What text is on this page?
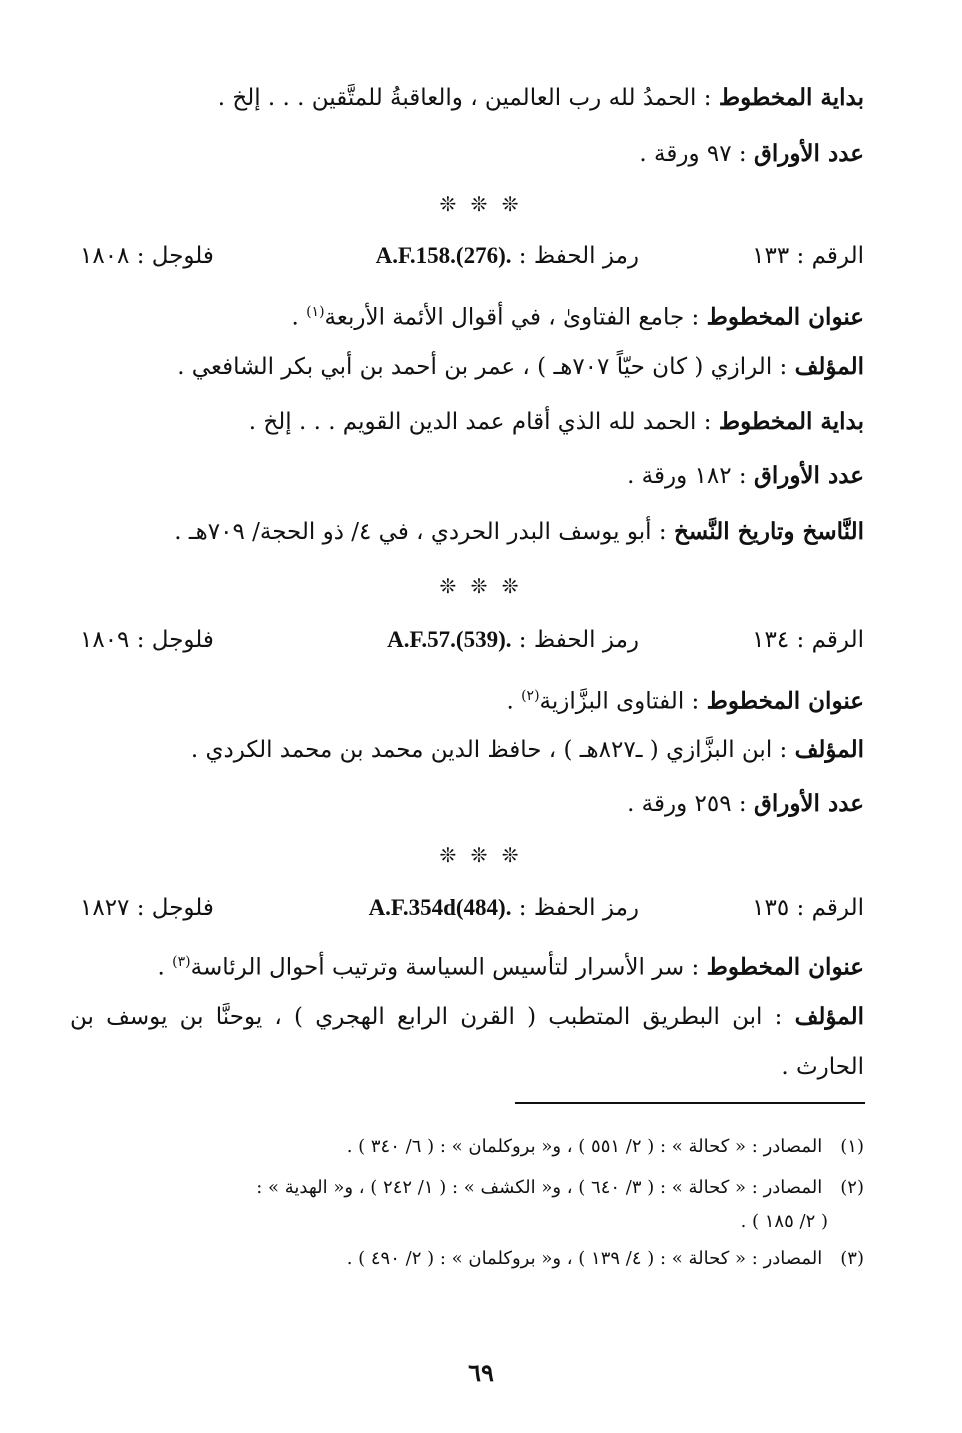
بداية المخطوط : الحمدُ لله رب العالمين ، والعاقبةُ للمتَّقين . . . إلخ .
عدد الأوراق : ٩٧ ورقة .
❊ ❊ ❊
الرقم : ١٣٣
رمز الحفظ : A.F.158.(276).
فلوجل : ١٨٠٨
عنوان المخطوط : جامع الفتاوىٰ ، في أقوال الأئمة الأربعة$^{(١)}$ .
المؤلف : الرازي ( كان حيّاً ٧٠٧هـ ) ، عمر بن أحمد بن أبي بكر الشافعي .
بداية المخطوط : الحمد لله الذي أقام عمد الدين القويم . . . إلخ .
عدد الأوراق : ١٨٢ ورقة .
النَّاسخ وتاريخ النَّسخ : أبو يوسف البدر الحردي ، في ٤/ ذو الحجة/ ٧٠٩هـ .
❊ ❊ ❊
الرقم : ١٣٤
رمز الحفظ : A.F.57.(539).
فلوجل : ١٨٠٩
عنوان المخطوط : الفتاوى البزَّازية$^{(٢)}$ .
المؤلف : ابن البزَّازي ( ـ٨٢٧هـ ) ، حافظ الدين محمد بن محمد الكردي .
عدد الأوراق : ٢٥٩ ورقة .
❊ ❊ ❊
الرقم : ١٣٥
رمز الحفظ : A.F.354d(484).
فلوجل : ١٨٢٧
عنوان المخطوط : سر الأسرار لتأسيس السياسة وترتيب أحوال الرئاسة$^{(٣)}$ .
المؤلف : ابن البطريق المتطبب ( القرن الرابع الهجري ) ، يوحنَّا بن يوسف بن الحارث .
(١) المصادر : « كحالة » : ( ٢/ ٥٥١ ) ، و« بروكلمان » : ( ٦/ ٣٤٠ ) .
(٢) المصادر : « كحالة » : ( ٣/ ٦٤٠ ) ، و« الكشف » : ( ١/ ٢٤٢ ) ، و« الهدية » :
( ٢/ ١٨٥ ) .
(٣) المصادر : « كحالة » : ( ٤/ ١٣٩ ) ، و« بروكلمان » : ( ٢/ ٤٩٠ ) .
٦٩
